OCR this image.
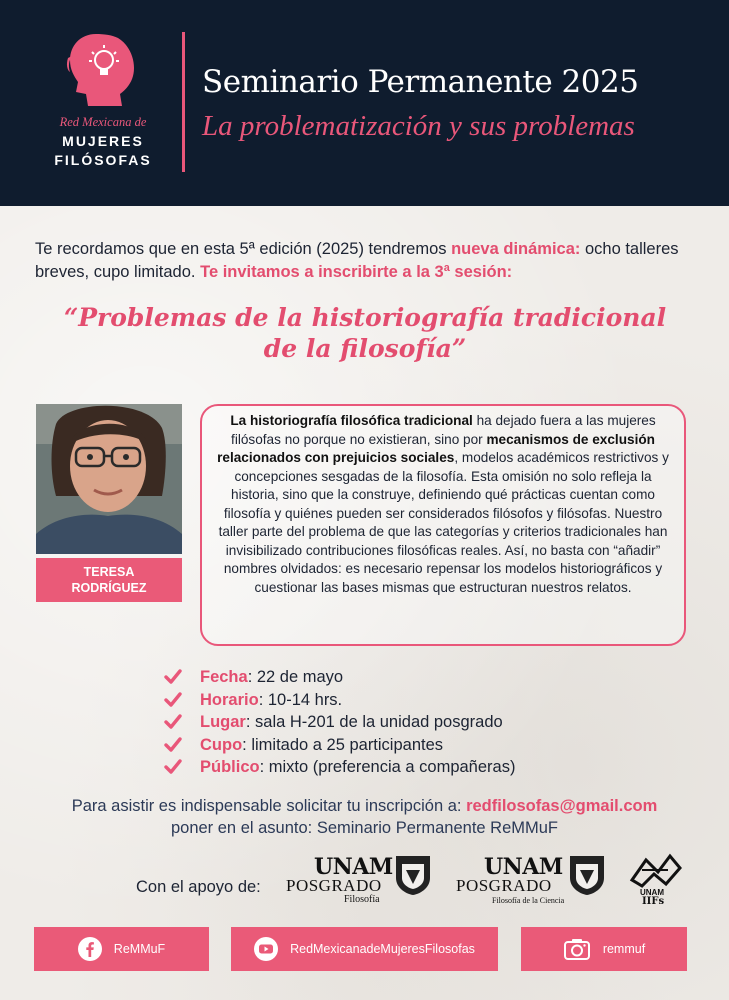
Red Mexicana de
MUJERES
FILÓSOFAS
Seminario Permanente 2025
La problematización y sus problemas
Te recordamos que en esta 5ª edición (2025) tendremos nueva dinámica: ocho talleres breves, cupo limitado. Te invitamos a inscribirte a la 3ª sesión:
“Problemas de la historiografía tradicional
de la filosofía”
TERESA
RODRÍGUEZ
La historiografía filosófica tradicional ha dejado fuera a las mujeres filósofas no porque no existieran, sino por mecanismos de exclusión relacionados con prejuicios sociales, modelos académicos restrictivos y concepciones sesgadas de la filosofía. Esta omisión no solo refleja la historia, sino que la construye, definiendo qué prácticas cuentan como filosofía y quiénes pueden ser considerados filósofos y filósofas. Nuestro taller parte del problema de que las categorías y criterios tradicionales han invisibilizado contribuciones filosóficas reales. Así, no basta con “añadir” nombres olvidados: es necesario repensar los modelos historiográficos y cuestionar las bases mismas que estructuran nuestros relatos.
Fecha: 22 de mayo
Horario: 10-14 hrs.
Lugar: sala H-201 de la unidad posgrado
Cupo: limitado a 25 participantes
Público: mixto (preferencia a compañeras)
Para asistir es indispensable solicitar tu inscripción a: redfilosofas@gmail.com
poner en el asunto: Seminario Permanente ReMMuF
Con el apoyo de:
UNAM
POSGRADO
Filosofía
UNAM
POSGRADO
Filosofía de la Ciencia
UNAM
IIFs
ReMMuF	RedMexicanadeMujeresFilosofas	remmuf
